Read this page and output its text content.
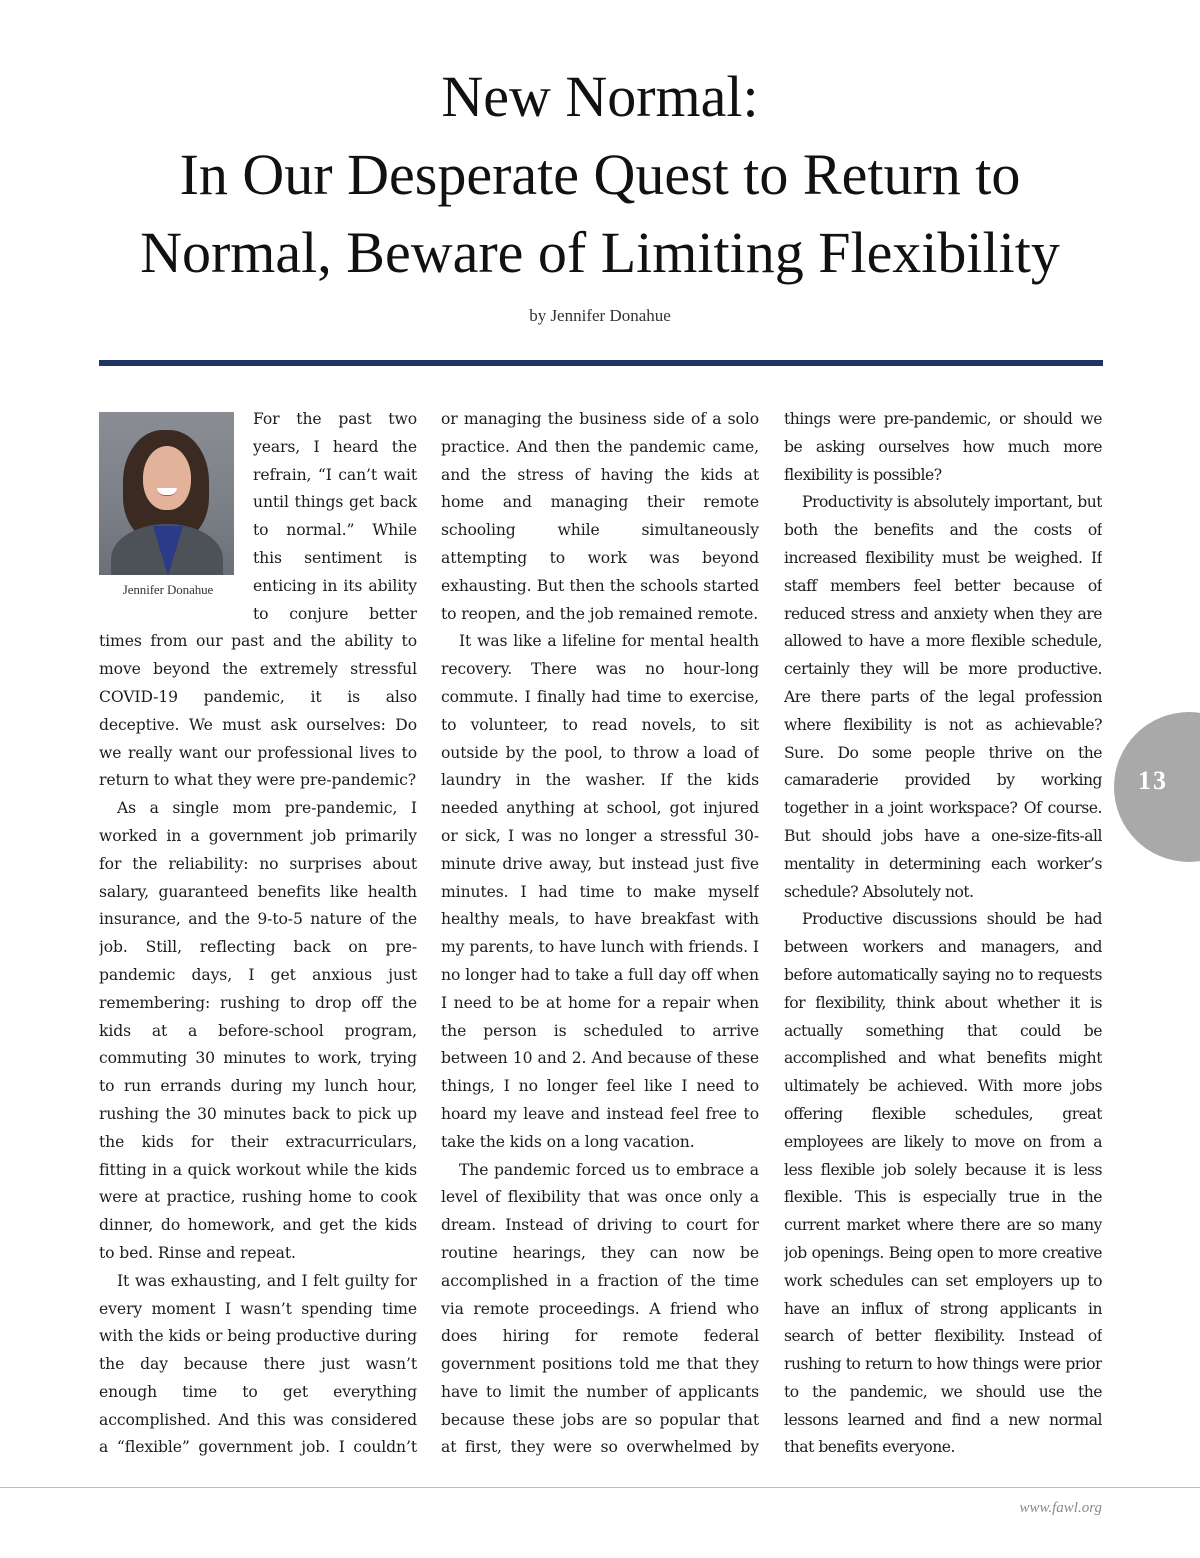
New Normal:
In Our Desperate Quest to Return to
Normal, Beware of Limiting Flexibility
by Jennifer Donahue
Jennifer Donahue

For the past two years, I heard the refrain, “I can’t wait until things get back to normal.” While this sentiment is enticing in its ability to conjure better times from our past and the ability to move beyond the extremely stressful COVID-19 pandemic, it is also deceptive. We must ask ourselves: Do we really want our professional lives to return to what they were pre-pandemic?

As a single mom pre-pandemic, I worked in a government job primarily for the reliability: no surprises about salary, guaranteed benefits like health insurance, and the 9-to-5 nature of the job. Still, reflecting back on pre-pandemic days, I get anxious just remembering: rushing to drop off the kids at a before-school program, commuting 30 minutes to work, trying to run errands during my lunch hour, rushing the 30 minutes back to pick up the kids for their extracurriculars, fitting in a quick workout while the kids were at practice, rushing home to cook dinner, do homework, and get the kids to bed. Rinse and repeat.

It was exhausting, and I felt guilty for every moment I wasn’t spending time with the kids or being productive during the day because there just wasn’t enough time to get everything accomplished. And this was considered a “flexible” government job. I couldn’t

or managing the business side of a solo practice. And then the pandemic came, and the stress of having the kids at home and managing their remote schooling while simultaneously attempting to work was beyond exhausting. But then the schools started to reopen, and the job remained remote.

It was like a lifeline for mental health recovery. There was no hour-long commute. I finally had time to exercise, to volunteer, to read novels, to sit outside by the pool, to throw a load of laundry in the washer. If the kids needed anything at school, got injured or sick, I was no longer a stressful 30-minute drive away, but instead just five minutes. I had time to make myself healthy meals, to have breakfast with my parents, to have lunch with friends. I no longer had to take a full day off when I need to be at home for a repair when the person is scheduled to arrive between 10 and 2. And because of these things, I no longer feel like I need to hoard my leave and instead feel free to take the kids on a long vacation.

The pandemic forced us to embrace a level of flexibility that was once only a dream. Instead of driving to court for routine hearings, they can now be accomplished in a fraction of the time via remote proceedings. A friend who does hiring for remote federal government positions told me that they have to limit the number of applicants because these jobs are so popular that at first, they were so overwhelmed by

things were pre-pandemic, or should we be asking ourselves how much more flexibility is possible?

Productivity is absolutely important, but both the benefits and the costs of increased flexibility must be weighed. If staff members feel better because of reduced stress and anxiety when they are allowed to have a more flexible schedule, certainly they will be more productive. Are there parts of the legal profession where flexibility is not as achievable? Sure. Do some people thrive on the camaraderie provided by working together in a joint workspace? Of course. But should jobs have a one-size-fits-all mentality in determining each worker’s schedule? Absolutely not.

Productive discussions should be had between workers and managers, and before automatically saying no to requests for flexibility, think about whether it is actually something that could be accomplished and what benefits might ultimately be achieved. With more jobs offering flexible schedules, great employees are likely to move on from a less flexible job solely because it is less flexible. This is especially true in the current market where there are so many job openings. Being open to more creative work schedules can set employers up to have an influx of strong applicants in search of better flexibility. Instead of rushing to return to how things were prior to the pandemic, we should use the lessons learned and find a new normal that benefits everyone.

13
www.fawl.org
